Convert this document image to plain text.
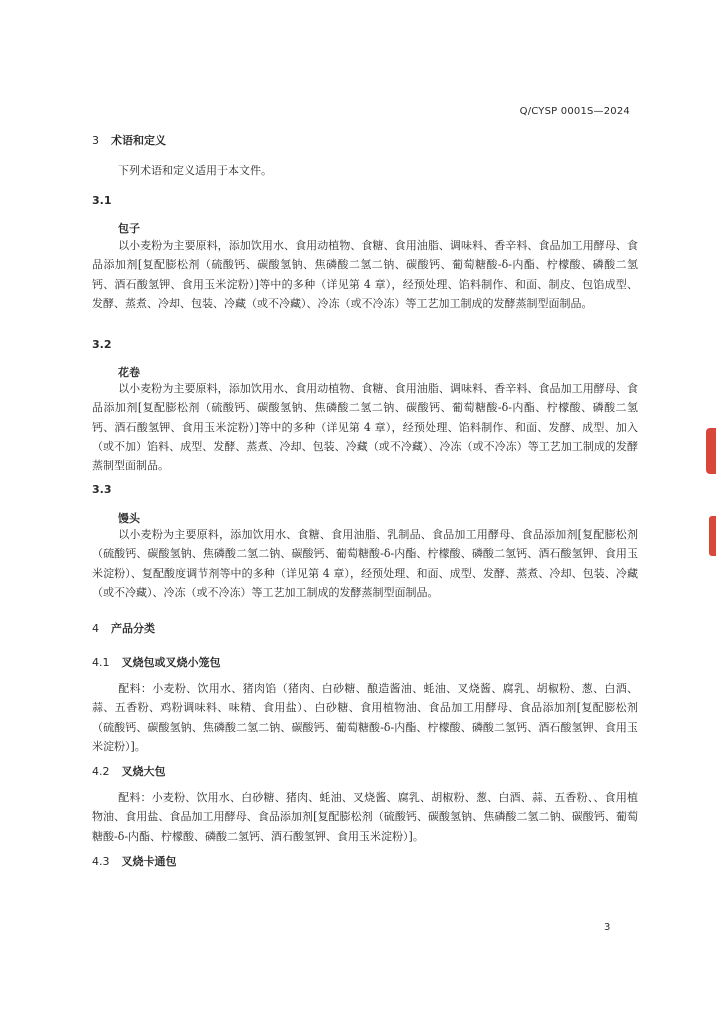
Q/CYSP 0001S—2024
3 术语和定义
下列术语和定义适用于本文件。
3.1
包子
以小麦粉为主要原料，添加饮用水、食用动植物、食糖、食用油脂、调味料、香辛料、食品加工用酵母、食品添加剂[复配膨松剂（硫酸钙、碳酸氢钠、焦磷酸二氢二钠、碳酸钙、葡萄糖酸-δ-内酯、柠檬酸、磷酸二氢钙、酒石酸氢钾、食用玉米淀粉）]等中的多种（详见第 4 章），经预处理、馅料制作、和面、制皮、包馅成型、发酵、蒸煮、冷却、包装、冷藏（或不冷藏）、冷冻（或不冷冻）等工艺加工制成的发酵蒸制型面制品。
3.2
花卷
以小麦粉为主要原料，添加饮用水、食用动植物、食糖、食用油脂、调味料、香辛料、食品加工用酵母、食品添加剂[复配膨松剂（硫酸钙、碳酸氢钠、焦磷酸二氢二钠、碳酸钙、葡萄糖酸-δ-内酯、柠檬酸、磷酸二氢钙、酒石酸氢钾、食用玉米淀粉）]等中的多种（详见第 4 章），经预处理、馅料制作、和面、发酵、成型、加入（或不加）馅料、成型、发酵、蒸煮、冷却、包装、冷藏（或不冷藏）、冷冻（或不冷冻）等工艺加工制成的发酵蒸制型面制品。
3.3
馒头
以小麦粉为主要原料，添加饮用水、食糖、食用油脂、乳制品、食品加工用酵母、食品添加剂[复配膨松剂（硫酸钙、碳酸氢钠、焦磷酸二氢二钠、碳酸钙、葡萄糖酸-δ-内酯、柠檬酸、磷酸二氢钙、酒石酸氢钾、食用玉米淀粉）、复配酸度调节剂等中的多种（详见第 4 章），经预处理、和面、成型、发酵、蒸煮、冷却、包装、冷藏（或不冷藏）、冷冻（或不冷冻）等工艺加工制成的发酵蒸制型面制品。
4 产品分类
4.1 叉烧包或叉烧小笼包
配料：小麦粉、饮用水、猪肉馅（猪肉、白砂糖、酿造酱油、蚝油、叉烧酱、腐乳、胡椒粉、葱、白酒、蒜、五香粉、鸡粉调味料、味精、食用盐）、白砂糖、食用植物油、食品加工用酵母、食品添加剂[复配膨松剂（硫酸钙、碳酸氢钠、焦磷酸二氢二钠、碳酸钙、葡萄糖酸-δ-内酯、柠檬酸、磷酸二氢钙、酒石酸氢钾、食用玉米淀粉）]。
4.2 叉烧大包
配料：小麦粉、饮用水、白砂糖、猪肉、蚝油、叉烧酱、腐乳、胡椒粉、葱、白酒、蒜、五香粉、、食用植物油、食用盐、食品加工用酵母、食品添加剂[复配膨松剂（硫酸钙、碳酸氢钠、焦磷酸二氢二钠、碳酸钙、葡萄糖酸-δ-内酯、柠檬酸、磷酸二氢钙、酒石酸氢钾、食用玉米淀粉）]。
4.3 叉烧卡通包
3
